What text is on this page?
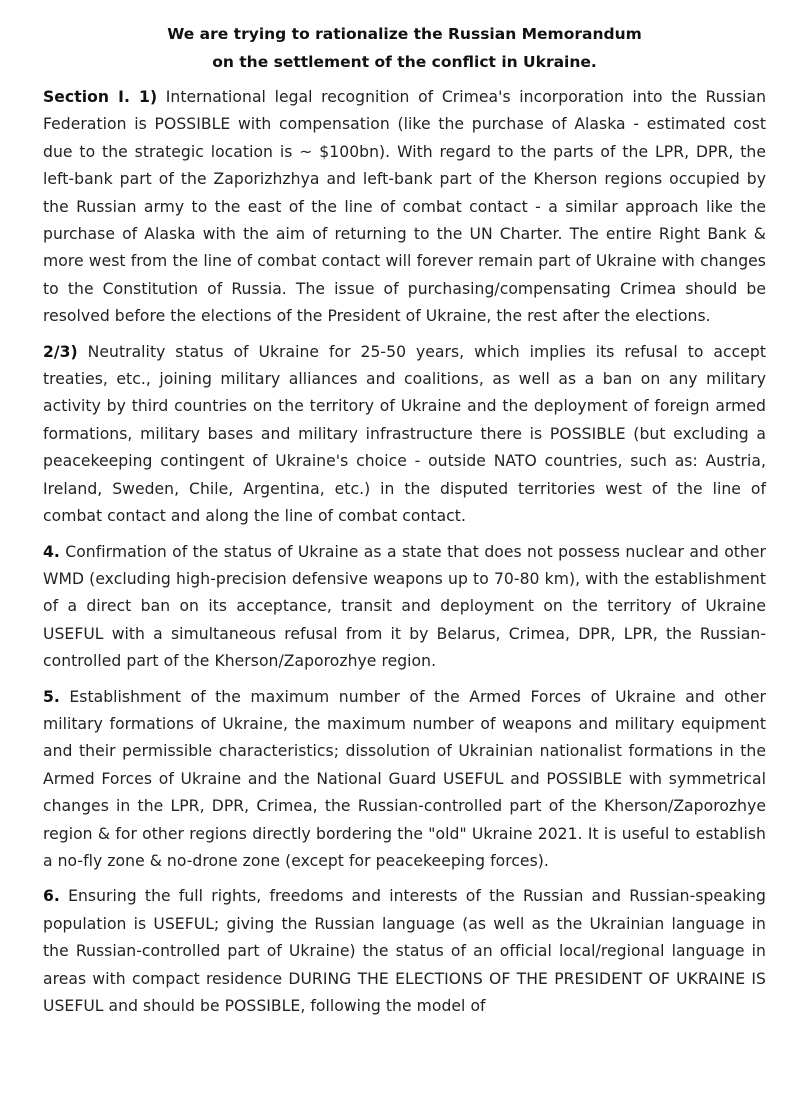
We are trying to rationalize the Russian Memorandum
on the settlement of the conflict in Ukraine.

Section I. 1) International legal recognition of Crimea's incorporation into the Russian Federation is POSSIBLE with compensation (like the purchase of Alaska - estimated cost due to the strategic location is ~ $100bn). With regard to the parts of the LPR, DPR, the left-bank part of the Zaporizhzhya and left-bank part of the Kherson regions occupied by the Russian army to the east of the line of combat contact - a similar approach like the purchase of Alaska with the aim of returning to the UN Charter. The entire Right Bank & more west from the line of combat contact will forever remain part of Ukraine with changes to the Constitution of Russia. The issue of purchasing/compensating Crimea should be resolved before the elections of the President of Ukraine, the rest after the elections.

2/3) Neutrality status of Ukraine for 25-50 years, which implies its refusal to accept treaties, etc., joining military alliances and coalitions, as well as a ban on any military activity by third countries on the territory of Ukraine and the deployment of foreign armed formations, military bases and military infrastructure there is POSSIBLE (but excluding a peacekeeping contingent of Ukraine's choice - outside NATO countries, such as: Austria, Ireland, Sweden, Chile, Argentina, etc.) in the disputed territories west of the line of combat contact and along the line of combat contact.

4. Confirmation of the status of Ukraine as a state that does not possess nuclear and other WMD (excluding high-precision defensive weapons up to 70-80 km), with the establishment of a direct ban on its acceptance, transit and deployment on the territory of Ukraine USEFUL with a simultaneous refusal from it by Belarus, Crimea, DPR, LPR, the Russian-controlled part of the Kherson/Zaporozhye region.

5. Establishment of the maximum number of the Armed Forces of Ukraine and other military formations of Ukraine, the maximum number of weapons and military equipment and their permissible characteristics; dissolution of Ukrainian nationalist formations in the Armed Forces of Ukraine and the National Guard USEFUL and POSSIBLE with symmetrical changes in the LPR, DPR, Crimea, the Russian-controlled part of the Kherson/Zaporozhye region & for other regions directly bordering the "old" Ukraine 2021. It is useful to establish a no-fly zone & no-drone zone (except for peacekeeping forces).

6. Ensuring the full rights, freedoms and interests of the Russian and Russian-speaking population is USEFUL; giving the Russian language (as well as the Ukrainian language in the Russian-controlled part of Ukraine) the status of an official local/regional language in areas with compact residence DURING THE ELECTIONS OF THE PRESIDENT OF UKRAINE IS USEFUL and should be POSSIBLE, following the model of
